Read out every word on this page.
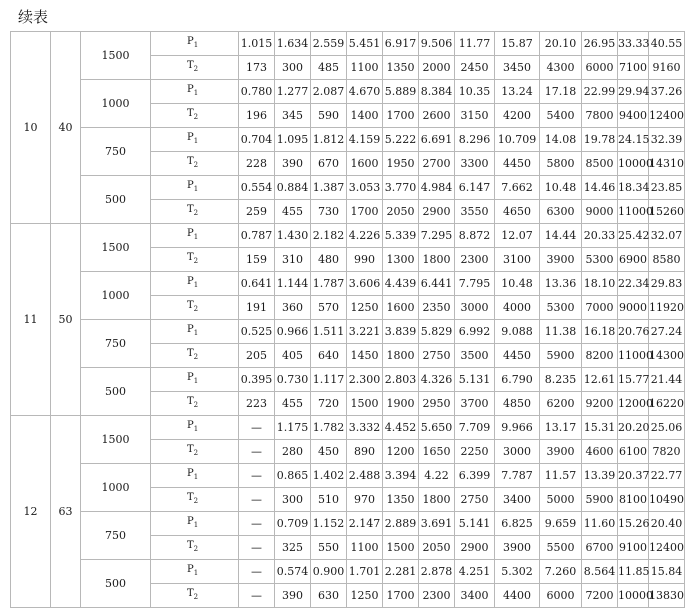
续表
10	40	1500	$P_1$	1.015	1.634	2.559	5.451	6.917	9.506	11.77	15.87	20.10	26.95	33.33	40.55
			$T_2$	173	300	485	1100	1350	2000	2450	3450	4300	6000	7100	9160
		1000	$P_1$	0.780	1.277	2.087	4.670	5.889	8.384	10.35	13.24	17.18	22.99	29.94	37.26
			$T_2$	196	345	590	1400	1700	2600	3150	4200	5400	7800	9400	12400
		750	$P_1$	0.704	1.095	1.812	4.159	5.222	6.691	8.296	10.709	14.08	19.78	24.15	32.39
			$T_2$	228	390	670	1600	1950	2700	3300	4450	5800	8500	10000	14310
		500	$P_1$	0.554	0.884	1.387	3.053	3.770	4.984	6.147	7.662	10.48	14.46	18.34	23.85
			$T_2$	259	455	730	1700	2050	2900	3550	4650	6300	9000	11000	15260
11	50	1500	$P_1$	0.787	1.430	2.182	4.226	5.339	7.295	8.872	12.07	14.44	20.33	25.42	32.07
			$T_2$	159	310	480	990	1300	1800	2300	3100	3900	5300	6900	8580
		1000	$P_1$	0.641	1.144	1.787	3.606	4.439	6.441	7.795	10.48	13.36	18.10	22.34	29.83
			$T_2$	191	360	570	1250	1600	2350	3000	4000	5300	7000	9000	11920
		750	$P_1$	0.525	0.966	1.511	3.221	3.839	5.829	6.992	9.088	11.38	16.18	20.76	27.24
			$T_2$	205	405	640	1450	1800	2750	3500	4450	5900	8200	11000	14300
		500	$P_1$	0.395	0.730	1.117	2.300	2.803	4.326	5.131	6.790	8.235	12.61	15.77	21.44
			$T_2$	223	455	720	1500	1900	2950	3700	4850	6200	9200	12000	16220
12	63	1500	$P_1$	—	1.175	1.782	3.332	4.452	5.650	7.709	9.966	13.17	15.31	20.20	25.06
			$T_2$	—	280	450	890	1200	1650	2250	3000	3900	4600	6100	7820
		1000	$P_1$	—	0.865	1.402	2.488	3.394	4.22	6.399	7.787	11.57	13.39	20.37	22.77
			$T_2$	—	300	510	970	1350	1800	2750	3400	5000	5900	8100	10490
		750	$P_1$	—	0.709	1.152	2.147	2.889	3.691	5.141	6.825	9.659	11.60	15.26	20.40
			$T_2$	—	325	550	1100	1500	2050	2900	3900	5500	6700	9100	12400
		500	$P_1$	—	0.574	0.900	1.701	2.281	2.878	4.251	5.302	7.260	8.564	11.85	15.84
			$T_2$	—	390	630	1250	1700	2300	3400	4400	6000	7200	10000	13830
